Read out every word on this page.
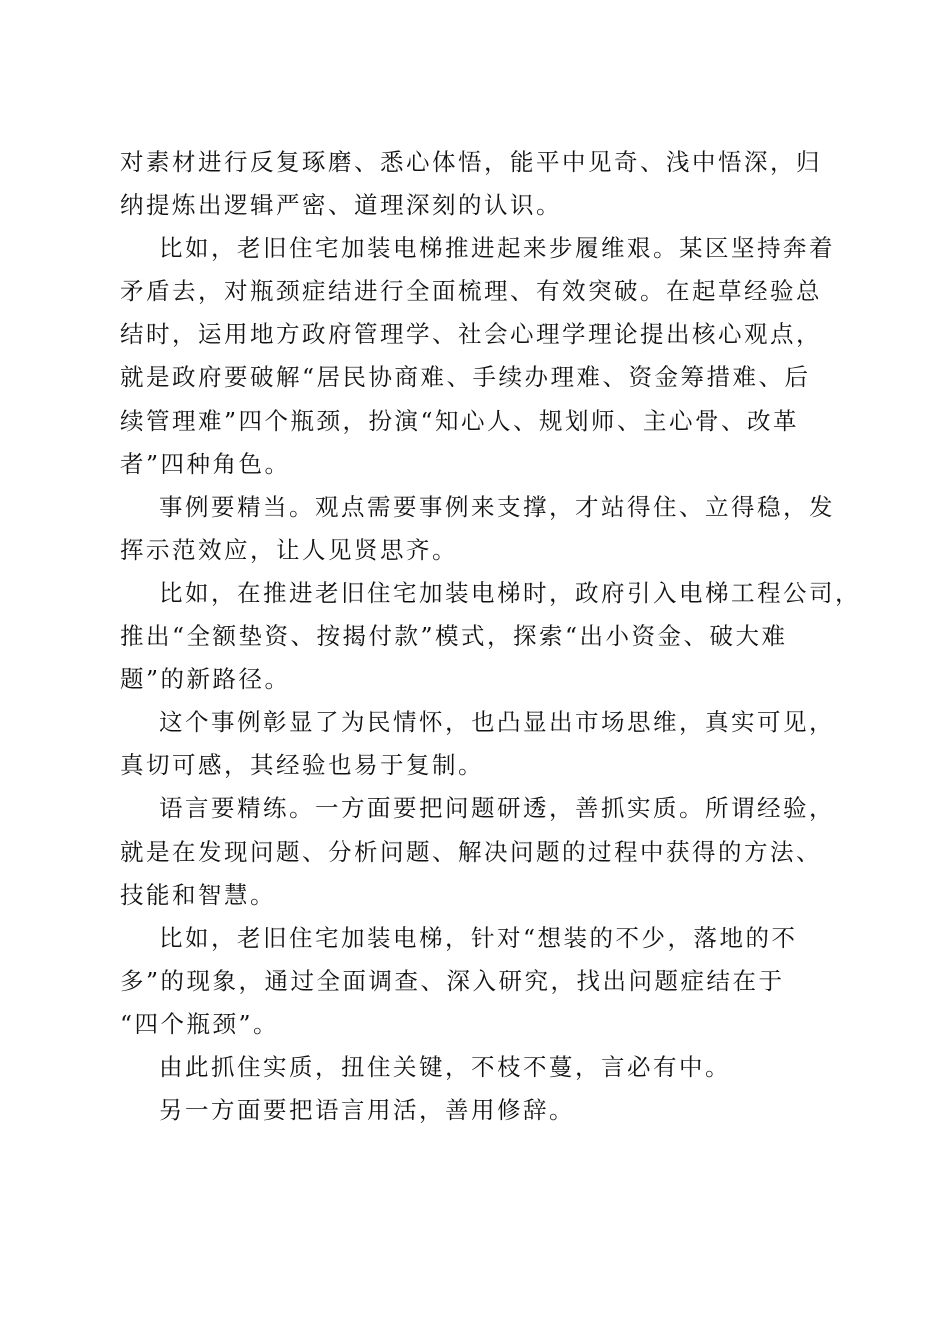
对素材进行反复琢磨、悉心体悟，能平中见奇、浅中悟深，归
纳提炼出逻辑严密、道理深刻的认识。
比如，老旧住宅加装电梯推进起来步履维艰。某区坚持奔着
矛盾去，对瓶颈症结进行全面梳理、有效突破。在起草经验总
结时，运用地方政府管理学、社会心理学理论提出核心观点，
就是政府要破解“居民协商难、手续办理难、资金筹措难、后
续管理难”四个瓶颈，扮演“知心人、规划师、主心骨、改革
者”四种角色。
事例要精当。观点需要事例来支撑，才站得住、立得稳，发
挥示范效应，让人见贤思齐。
比如，在推进老旧住宅加装电梯时，政府引入电梯工程公司，
推出“全额垫资、按揭付款”模式，探索“出小资金、破大难
题”的新路径。
这个事例彰显了为民情怀，也凸显出市场思维，真实可见，
真切可感，其经验也易于复制。
语言要精练。一方面要把问题研透，善抓实质。所谓经验，
就是在发现问题、分析问题、解决问题的过程中获得的方法、
技能和智慧。
比如，老旧住宅加装电梯，针对“想装的不少，落地的不
多”的现象，通过全面调查、深入研究，找出问题症结在于
“四个瓶颈”。
由此抓住实质，扭住关键，不枝不蔓，言必有中。
另一方面要把语言用活，善用修辞。
